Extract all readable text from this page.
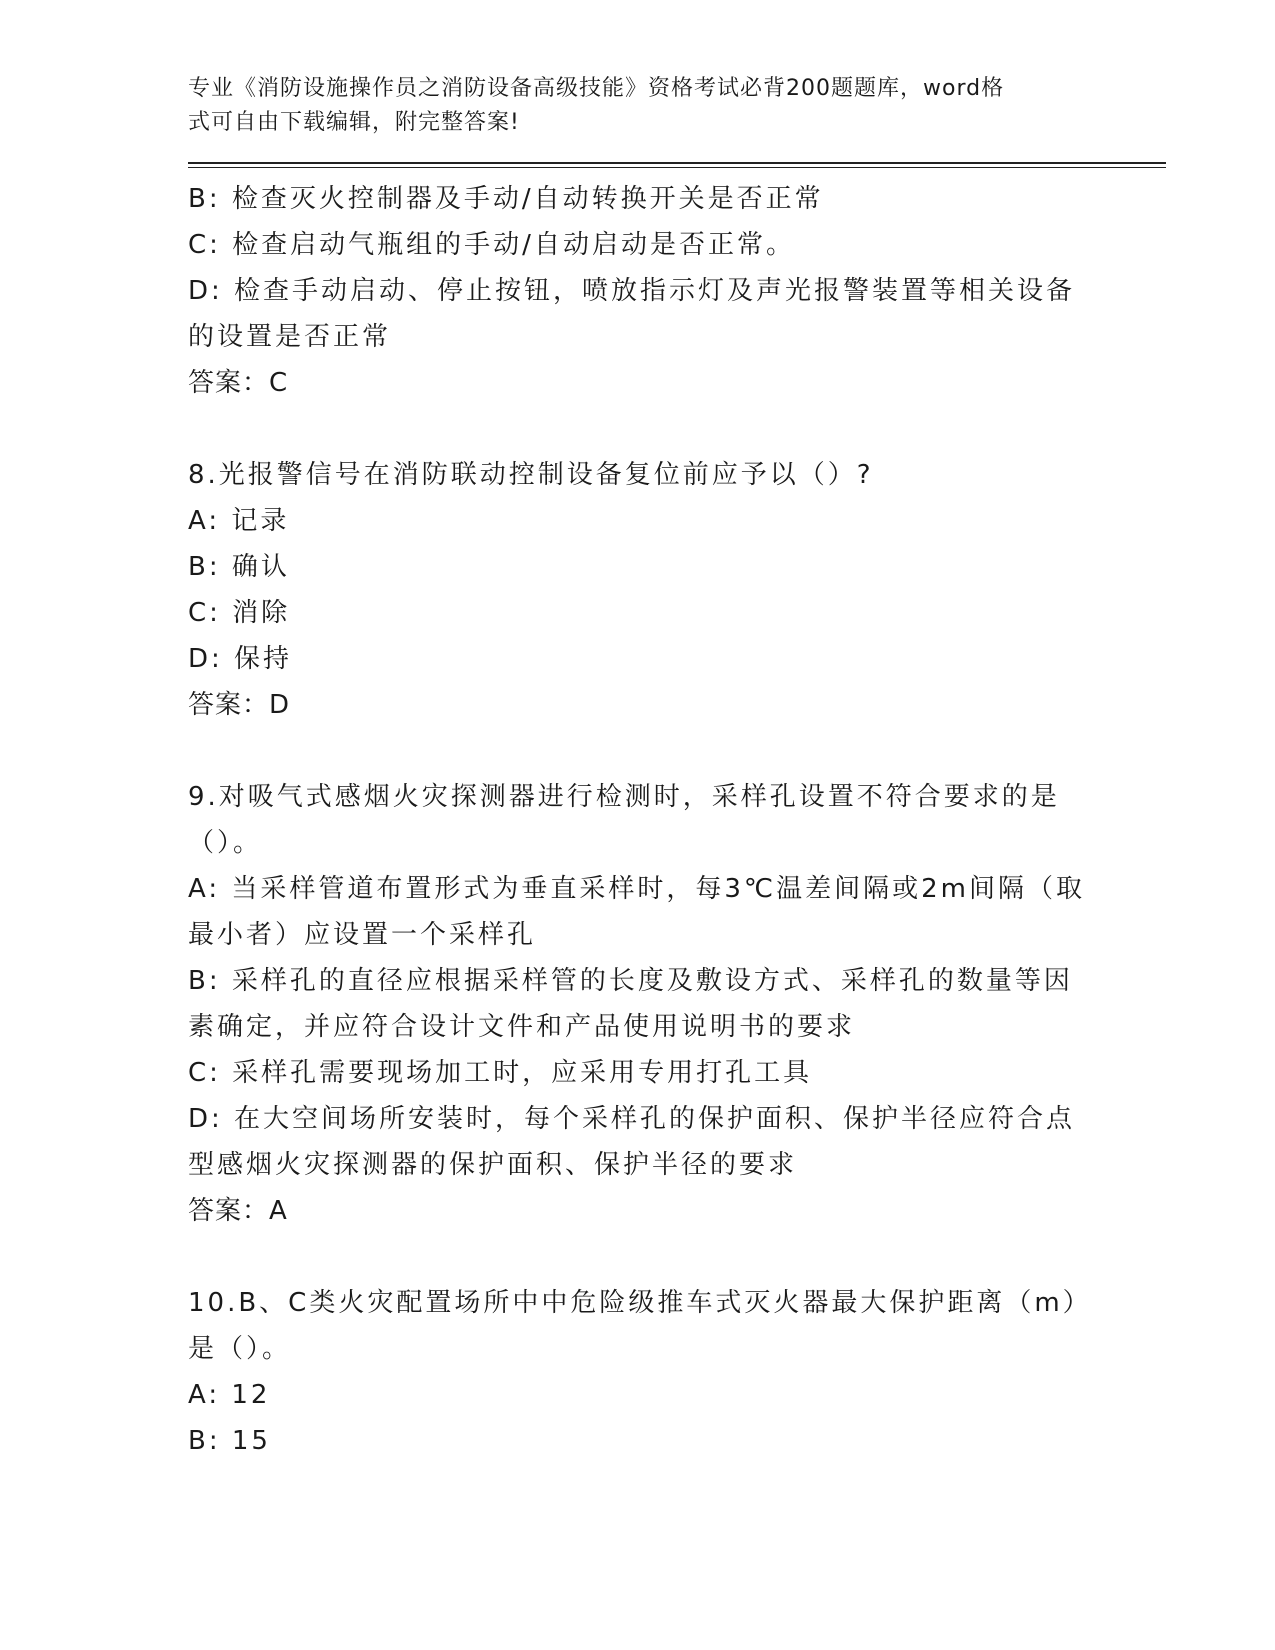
专业《消防设施操作员之消防设备高级技能》资格考试必背200题题库，word格
式可自由下载编辑，附完整答案!
B: 检查灭火控制器及手动/自动转换开关是否正常
C: 检查启动气瓶组的手动/自动启动是否正常。
D: 检查手动启动、停止按钮，喷放指示灯及声光报警装置等相关设备
的设置是否正常
答案：C
8.光报警信号在消防联动控制设备复位前应予以（）?
A: 记录
B: 确认
C: 消除
D: 保持
答案：D
9.对吸气式感烟火灾探测器进行检测时，采样孔设置不符合要求的是
（）。
A: 当采样管道布置形式为垂直采样时，每3℃温差间隔或2m间隔（取
最小者）应设置一个采样孔
B: 采样孔的直径应根据采样管的长度及敷设方式、采样孔的数量等因
素确定，并应符合设计文件和产品使用说明书的要求
C: 采样孔需要现场加工时，应采用专用打孔工具
D: 在大空间场所安装时，每个采样孔的保护面积、保护半径应符合点
型感烟火灾探测器的保护面积、保护半径的要求
答案：A
10.B、C类火灾配置场所中中危险级推车式灭火器最大保护距离（m）
是（）。
A: 12
B: 15
